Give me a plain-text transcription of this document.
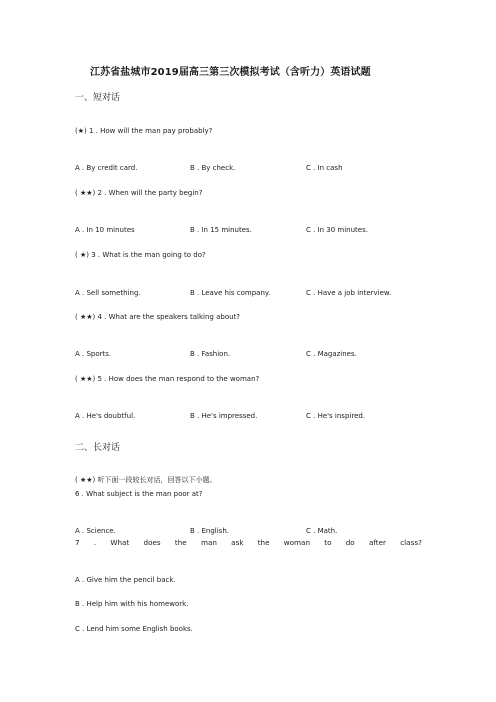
江苏省盐城市2019届高三第三次模拟考试（含听力）英语试题
一、短对话
(★) 1 . How will the man pay probably?
A . By credit card.	B . By check.	C . In cash
( ★★) 2 . When will the party begin?
A . In 10 minutes	B . In 15 minutes.	C . In 30 minutes.
( ★) 3 . What is the man going to do?
A . Sell something.	B . Leave his company.	C . Have a job interview.
( ★★) 4 . What are the speakers talking about?
A . Sports.	B . Fashion.	C . Magazines.
( ★★) 5 . How does the man respond to the woman?
A . He's doubtful.	B . He's impressed.	C . He's inspired.
二、长对话
( ★★) 听下面一段较长对话，回答以下小题。
6 . What subject is the man poor at?
A . Science.	B . English.	C . Math.
7 . What does the man ask the woman to do after class?
A . Give him the pencil back.
B . Help him with his homework.
C . Lend him some English books.
